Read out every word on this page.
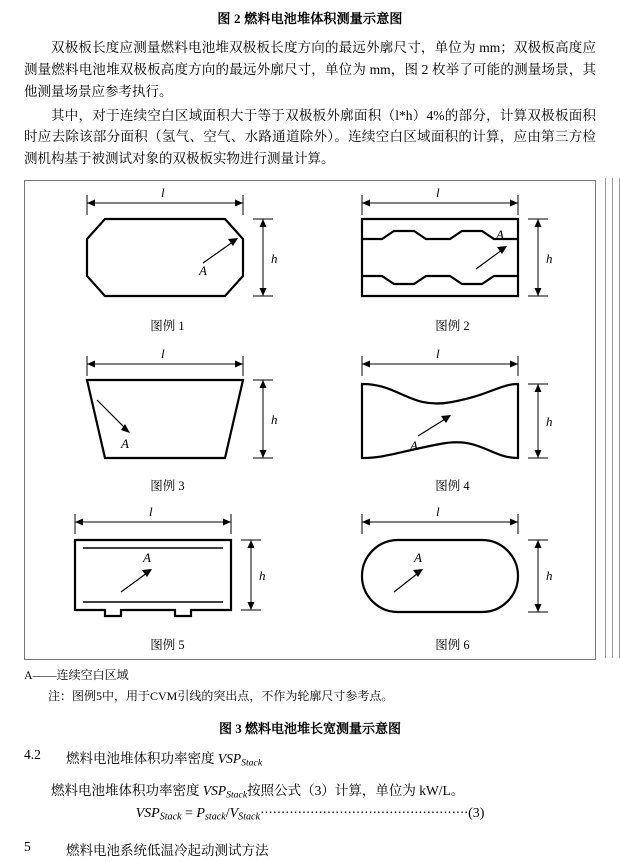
图 2 燃料电池堆体积测量示意图

双极板长度应测量燃料电池堆双极板长度方向的最远外廓尺寸，单位为 mm；双极板高度应测量燃料电池堆双极板高度方向的最远外廓尺寸，单位为 mm，图 2 枚举了可能的测量场景，其他测量场景应参考执行。

其中，对于连续空白区域面积大于等于双极板外廓面积（l*h）4%的部分，计算双极板面积时应去除该部分面积（氢气、空气、水路通道除外）。连续空白区域面积的计算，应由第三方检测机构基于被测试对象的双极板实物进行测量计算。

A
l
h
图例 1
l
h
A
图例 2
l
h
A
图例 3
l
h
A
图例 4
l
h
A
图例 5
l
h
A
图例 6
A——连续空白区域
注：图例5中，用于CVM引线的突出点，不作为轮廓尺寸参考点。
图 3 燃料电池堆长宽测量示意图
4.2	燃料电池堆体积功率密度 $VSP_{Stack}$
燃料电池堆体积功率密度 $VSP_{Stack}$按照公式（3）计算，单位为 kW/L。
$VSP_{Stack} = P_{stack}/V_{Stack}\cdot\cdot\cdot\cdot\cdot\cdot\cdot\cdot\cdot\cdot\cdot\cdot\cdot\cdot\cdot\cdot\cdot\cdot\cdot\cdot\cdot\cdot\cdot\cdot\cdot\cdot\cdot\cdot\cdot\cdot\cdot\cdot\cdot\cdot\cdot\cdot\cdot\cdot\cdot\cdot\cdot\cdot\cdot\cdot\cdot\cdot\cdot\cdot\cdot\cdot(3)$
5	燃料电池系统低温冷起动测试方法
